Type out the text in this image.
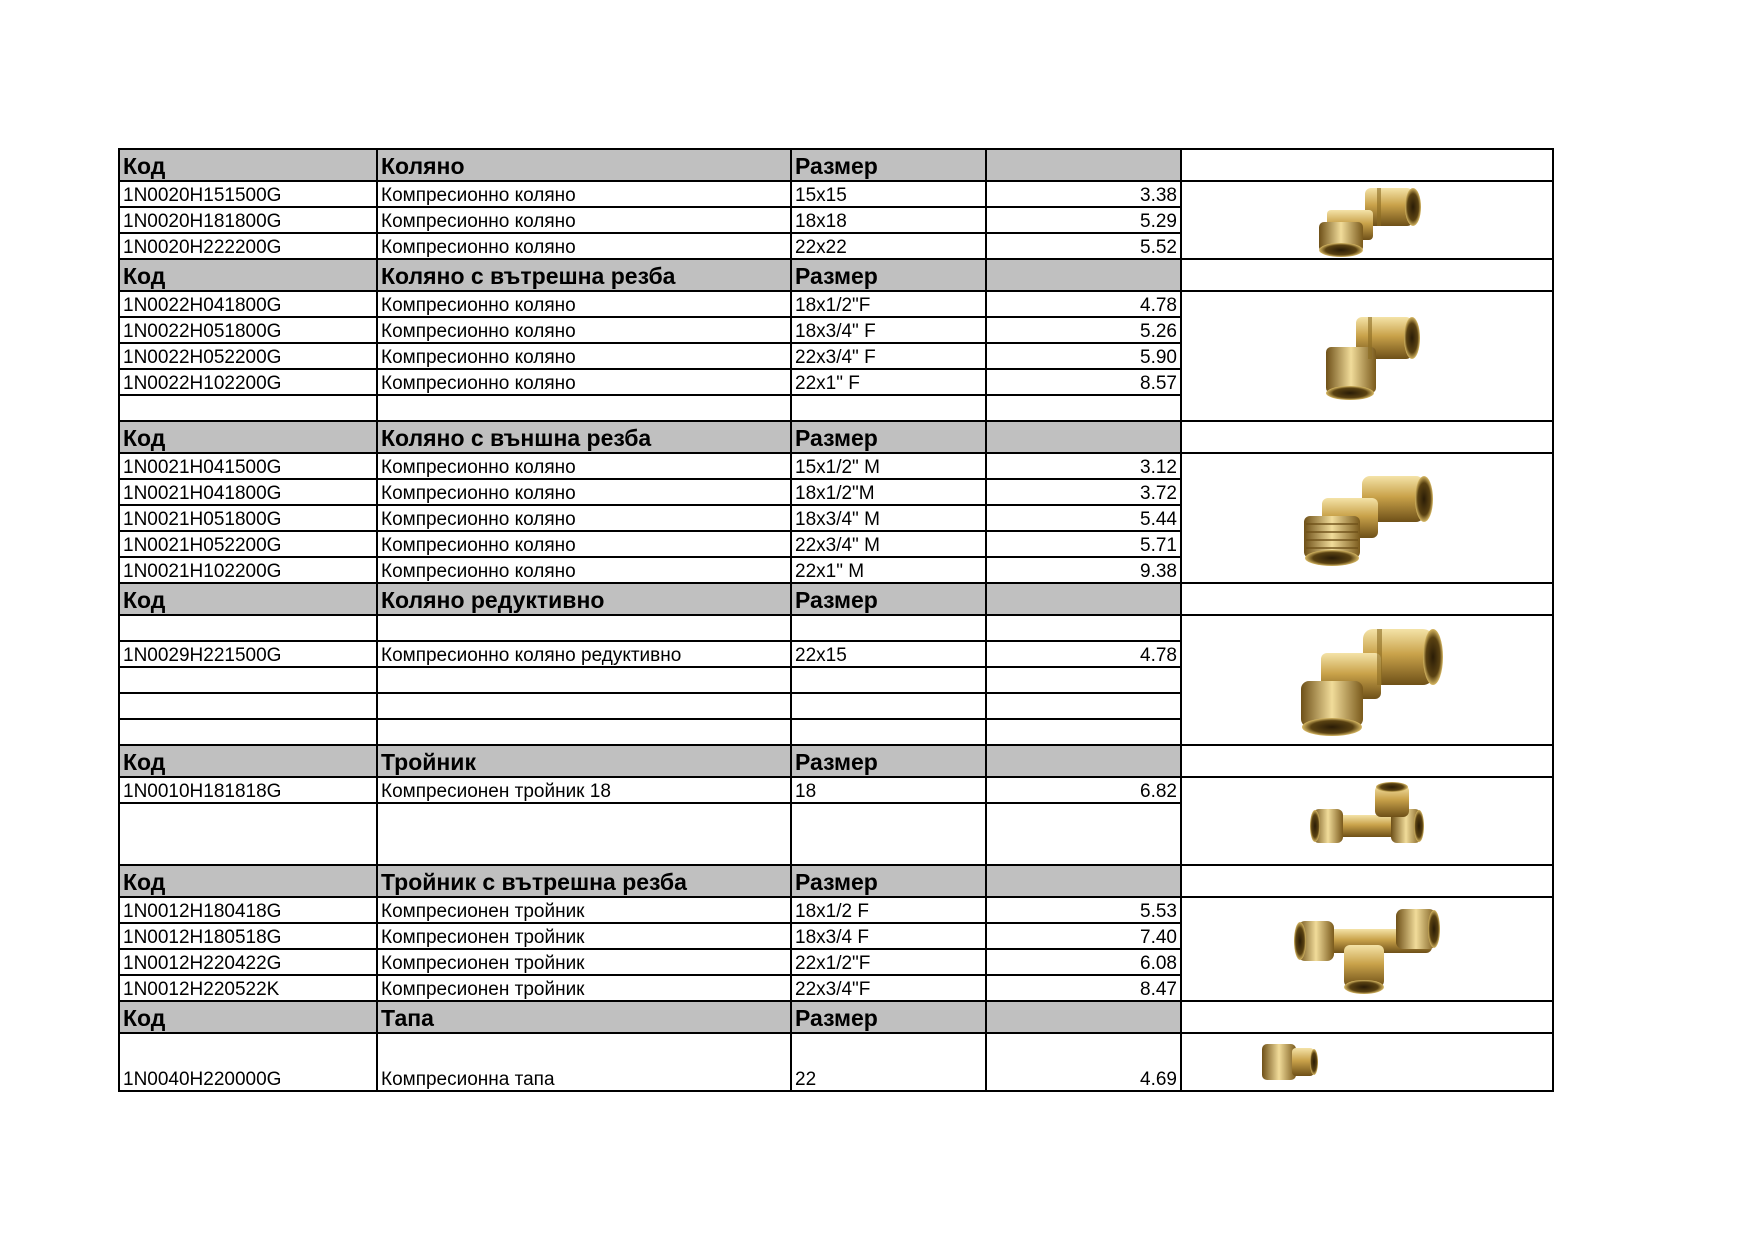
Код	Коляно	Размер		
1N0020H151500G	Компресионно коляно	15x15	3.38	
1N0020H181800G	Компресионно коляно	18x18	5.29	
1N0020H222200G	Компресионно коляно	22x22	5.52	
Код	Коляно с вътрешна резба	Размер		
1N0022H041800G	Компресионно коляно	18x1/2"F	4.78	
1N0022H051800G	Компресионно коляно	18x3/4" F	5.26	
1N0022H052200G	Компресионно коляно	22x3/4" F	5.90	
1N0022H102200G	Компресионно коляно	22x1" F	8.57	

Код	Коляно с външна резба	Размер		
1N0021H041500G	Компресионно коляно	15x1/2" M	3.12	
1N0021H041800G	Компресионно коляно	18x1/2"M	3.72	
1N0021H051800G	Компресионно коляно	18x3/4" M	5.44	
1N0021H052200G	Компресионно коляно	22x3/4" M	5.71	
1N0021H102200G	Компресионно коляно	22x1" M	9.38	
Код	Коляно редуктивно	Размер		

1N0029H221500G	Компресионно коляно редуктивно	22x15	4.78	

Код	Тройник	Размер		
1N0010H181818G	Компресионен тройник 18	18	6.82	

Код	Тройник с вътрешна резба	Размер		
1N0012H180418G	Компресионен тройник	18x1/2 F	5.53	
1N0012H180518G	Компресионен тройник	18x3/4 F	7.40	
1N0012H220422G	Компресионен тройник	22x1/2"F	6.08	
1N0012H220522K	Компресионен тройник	22x3/4"F	8.47	
Код	Тапа	Размер		
1N0040H220000G	Компресионна тапа	22	4.69	
